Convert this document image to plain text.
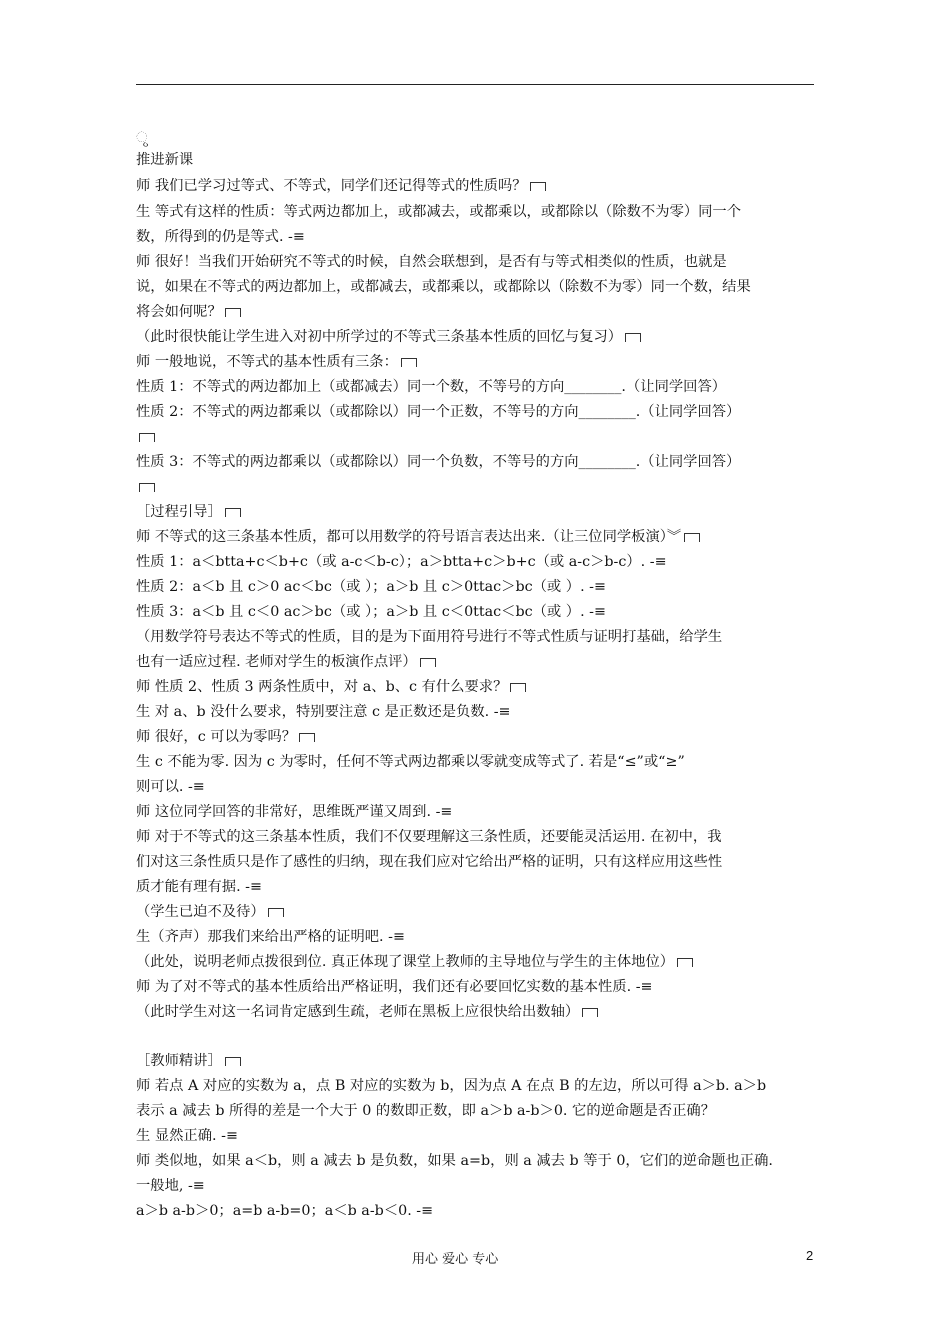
ୃ
推进新课
师 我们已学习过等式、不等式，同学们还记得等式的性质吗？
生 等式有这样的性质：等式两边都加上，或都减去，或都乘以，或都除以（除数不为零）同一个
数，所得到的仍是等式. -≡
师 很好！当我们开始研究不等式的时候，自然会联想到，是否有与等式相类似的性质，也就是
说，如果在不等式的两边都加上，或都减去，或都乘以，或都除以（除数不为零）同一个数，结果
将会如何呢？
（此时很快能让学生进入对初中所学过的不等式三条基本性质的回忆与复习）
师 一般地说，不等式的基本性质有三条：
性质 1：不等式的两边都加上（或都减去）同一个数，不等号的方向________.（让同学回答）
性质 2：不等式的两边都乘以（或都除以）同一个正数，不等号的方向________.（让同学回答）
性质 3：不等式的两边都乘以（或都除以）同一个负数，不等号的方向________.（让同学回答）
［过程引导］
师 不等式的这三条基本性质，都可以用数学的符号语言表达出来.（让三位同学板演）︾
性质 1：a＜btta+c＜b+c（或 a-c＜b-c）；a＞btta+c＞b+c（或 a-c＞b-c）. -≡
性质 2：a＜b 且 c＞0 ac＜bc（或 ）；a＞b 且 c＞0ttac＞bc（或 ）. -≡
性质 3：a＜b 且 c＜0 ac＞bc（或 ）；a＞b 且 c＜0ttac＜bc（或 ）. -≡
（用数学符号表达不等式的性质，目的是为下面用符号进行不等式性质与证明打基础，给学生
也有一适应过程. 老师对学生的板演作点评）
师 性质 2、性质 3 两条性质中，对 a、b、c 有什么要求？
生 对 a、b 没什么要求，特别要注意 c 是正数还是负数. -≡
师 很好，c 可以为零吗？
生 c 不能为零. 因为 c 为零时，任何不等式两边都乘以零就变成等式了. 若是“≤”或“≥”
则可以. -≡
师 这位同学回答的非常好，思维既严谨又周到. -≡
师 对于不等式的这三条基本性质，我们不仅要理解这三条性质，还要能灵活运用. 在初中，我
们对这三条性质只是作了感性的归纳，现在我们应对它给出严格的证明，只有这样应用这些性
质才能有理有据. -≡
（学生已迫不及待）
生（齐声）那我们来给出严格的证明吧. -≡
（此处，说明老师点拨很到位. 真正体现了课堂上教师的主导地位与学生的主体地位）
师 为了对不等式的基本性质给出严格证明，我们还有必要回忆实数的基本性质. -≡
（此时学生对这一名词肯定感到生疏，老师在黑板上应很快给出数轴）
［教师精讲］
师 若点 A 对应的实数为 a，点 B 对应的实数为 b，因为点 A 在点 B 的左边，所以可得 a＞b. a＞b
表示 a 减去 b 所得的差是一个大于 0 的数即正数，即 a＞b a-b＞0. 它的逆命题是否正确？
生 显然正确. -≡
师 类似地，如果 a＜b，则 a 减去 b 是负数，如果 a=b，则 a 减去 b 等于 0，它们的逆命题也正确.
一般地, -≡
a＞b a-b＞0；a=b a-b=0；a＜b a-b＜0. -≡
用心 爱心 专心	2
